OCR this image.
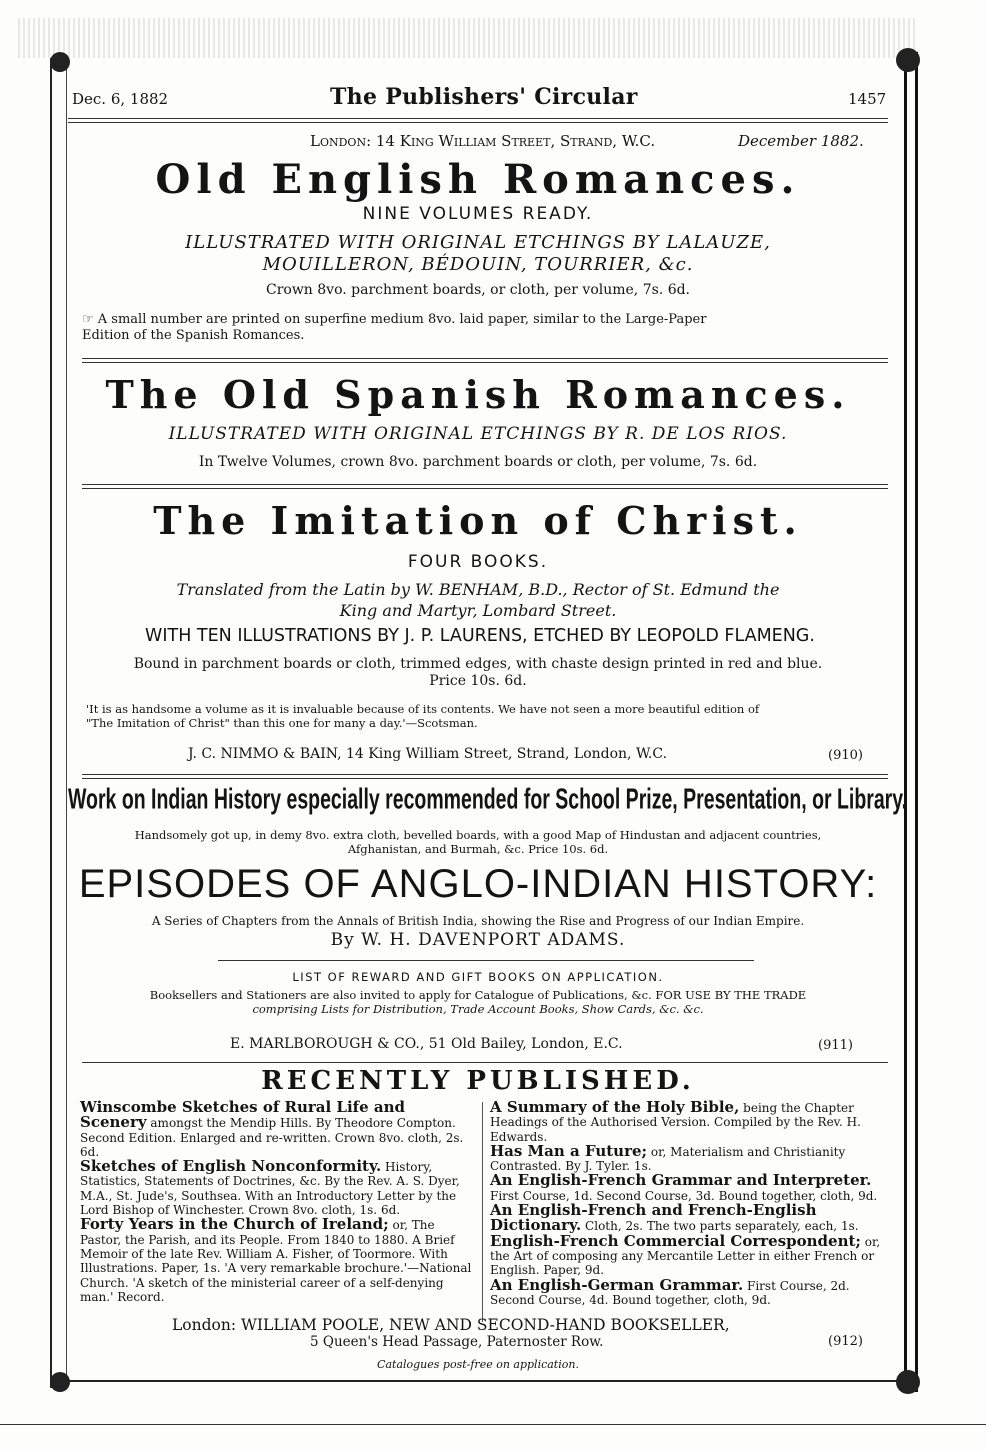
Dec. 6, 1882	The Publishers' Circular	1457
London: 14 King William Street, Strand, W.C.	December 1882.
Old English Romances.
NINE VOLUMES READY.
ILLUSTRATED WITH ORIGINAL ETCHINGS BY LALAUZE,
MOUILLERON, BÉDOUIN, TOURRIER, &c.
Crown 8vo. parchment boards, or cloth, per volume, 7s. 6d.
☞ A small number are printed on superfine medium 8vo. laid paper, similar to the Large-Paper
Edition of the Spanish Romances.
The Old Spanish Romances.
ILLUSTRATED WITH ORIGINAL ETCHINGS BY R. DE LOS RIOS.
In Twelve Volumes, crown 8vo. parchment boards or cloth, per volume, 7s. 6d.
The Imitation of Christ.
FOUR BOOKS.
Translated from the Latin by W. BENHAM, B.D., Rector of St. Edmund the
King and Martyr, Lombard Street.
WITH TEN ILLUSTRATIONS BY J. P. LAURENS, ETCHED BY LEOPOLD FLAMENG.
Bound in parchment boards or cloth, trimmed edges, with chaste design printed in red and blue.
Price 10s. 6d.
'It is as handsome a volume as it is invaluable because of its contents. We have not seen a more beautiful edition of
"The Imitation of Christ" than this one for many a day.'—Scotsman.
J. C. NIMMO & BAIN, 14 King William Street, Strand, London, W.C.	(910)
Work on Indian History especially recommended for School Prize, Presentation, or Library.
Handsomely got up, in demy 8vo. extra cloth, bevelled boards, with a good Map of Hindustan and adjacent countries,
Afghanistan, and Burmah, &c. Price 10s. 6d.
EPISODES OF ANGLO-INDIAN HISTORY:
A Series of Chapters from the Annals of British India, showing the Rise and Progress of our Indian Empire.
By W. H. DAVENPORT ADAMS.
LIST OF REWARD AND GIFT BOOKS ON APPLICATION.
Booksellers and Stationers are also invited to apply for Catalogue of Publications, &c. FOR USE BY THE TRADE
comprising Lists for Distribution, Trade Account Books, Show Cards, &c. &c.
E. MARLBOROUGH & CO., 51 Old Bailey, London, E.C.	(911)
RECENTLY PUBLISHED.
Winscombe Sketches of Rural Life and Scenery amongst the Mendip Hills. By Theodore Compton. Second Edition. Enlarged and re-written. Crown 8vo. cloth, 2s. 6d.
Sketches of English Nonconformity. History, Statistics, Statements of Doctrines, &c. By the Rev. A. S. Dyer, M.A., St. Jude's, Southsea. With an Introductory Letter by the Lord Bishop of Winchester. Crown 8vo. cloth, 1s. 6d.
Forty Years in the Church of Ireland; or, The Pastor, the Parish, and its People. From 1840 to 1880. A Brief Memoir of the late Rev. William A. Fisher, of Toormore. With Illustrations. Paper, 1s. 'A very remarkable brochure.'—National Church. 'A sketch of the ministerial career of a self-denying man.' Record.
A Summary of the Holy Bible, being the Chapter Headings of the Authorised Version. Compiled by the Rev. H. Edwards.
Has Man a Future; or, Materialism and Christianity Contrasted. By J. Tyler. 1s.
An English-French Grammar and Interpreter. First Course, 1d. Second Course, 3d. Bound together, cloth, 9d.
An English-French and French-English Dictionary. Cloth, 2s. The two parts separately, each, 1s.
English-French Commercial Correspondent; or, the Art of composing any Mercantile Letter in either French or English. Paper, 9d.
An English-German Grammar. First Course, 2d. Second Course, 4d. Bound together, cloth, 9d.
London: WILLIAM POOLE, NEW AND SECOND-HAND BOOKSELLER,
5 Queen's Head Passage, Paternoster Row.	(912)
Catalogues post-free on application.
